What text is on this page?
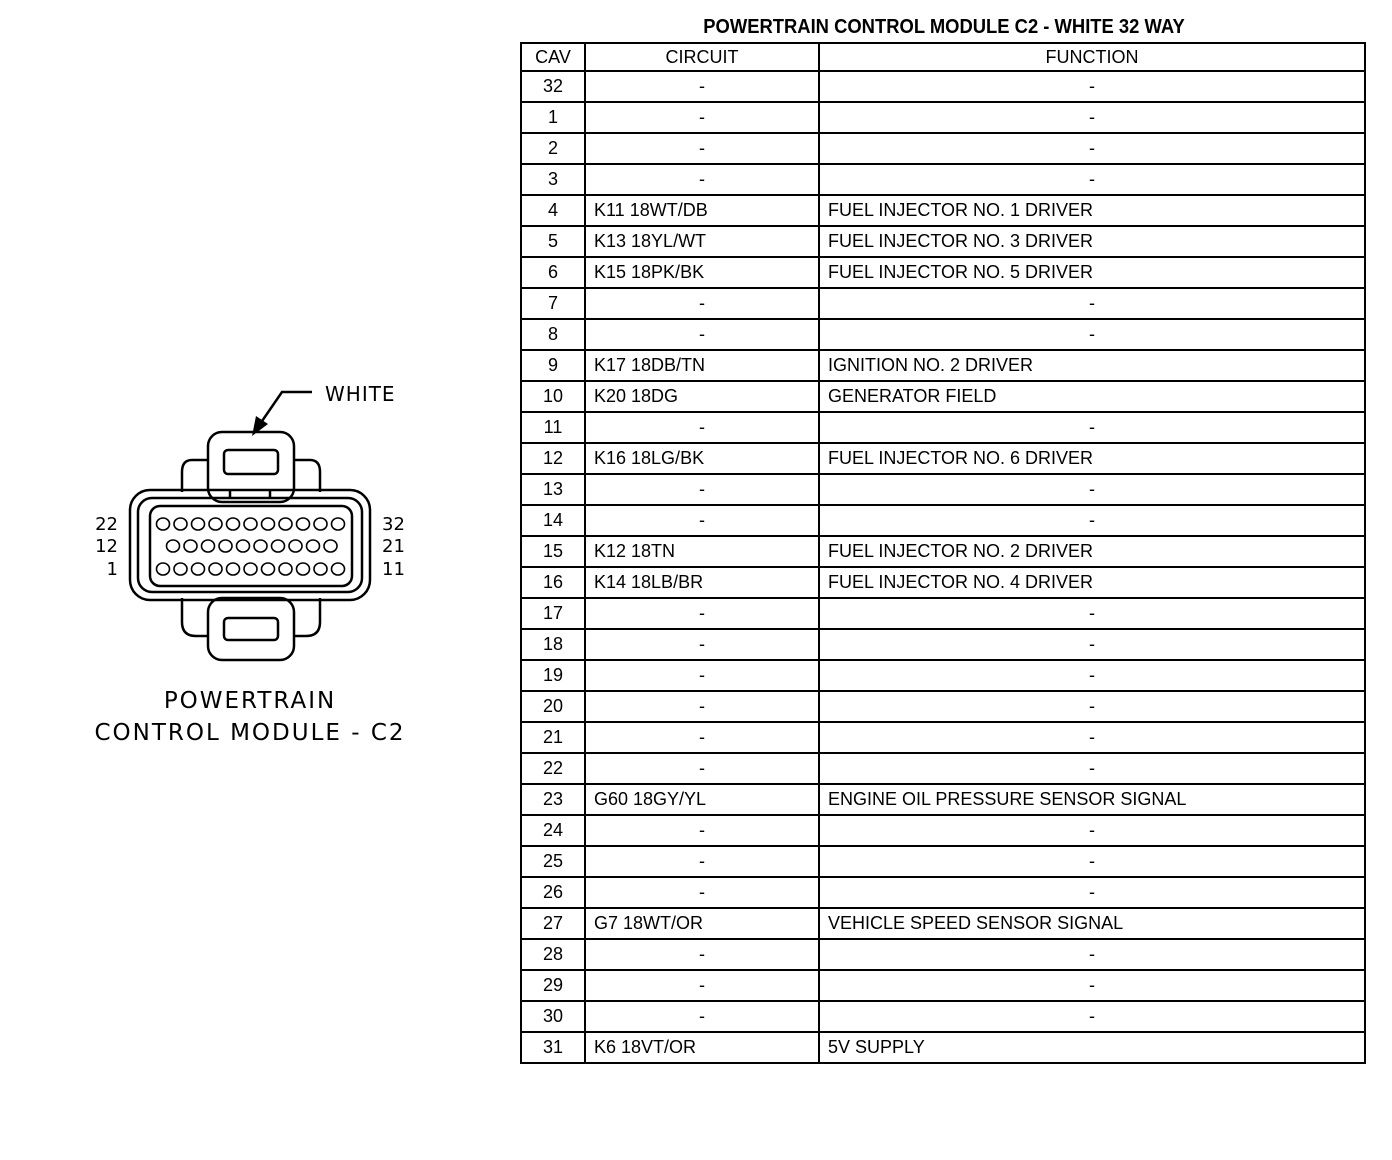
WHITE
22
12
1
32
21
11
POWERTRAIN
CONTROL MODULE - C2
POWERTRAIN CONTROL MODULE C2 - WHITE 32 WAY
CAV	CIRCUIT	FUNCTION
32	-	-
1	-	-
2	-	-
3	-	-
4	K11 18WT/DB	FUEL INJECTOR NO. 1 DRIVER
5	K13 18YL/WT	FUEL INJECTOR NO. 3 DRIVER
6	K15 18PK/BK	FUEL INJECTOR NO. 5 DRIVER
7	-	-
8	-	-
9	K17 18DB/TN	IGNITION NO. 2 DRIVER
10	K20 18DG	GENERATOR FIELD
11	-	-
12	K16 18LG/BK	FUEL INJECTOR NO. 6 DRIVER
13	-	-
14	-	-
15	K12 18TN	FUEL INJECTOR NO. 2 DRIVER
16	K14 18LB/BR	FUEL INJECTOR NO. 4 DRIVER
17	-	-
18	-	-
19	-	-
20	-	-
21	-	-
22	-	-
23	G60 18GY/YL	ENGINE OIL PRESSURE SENSOR SIGNAL
24	-	-
25	-	-
26	-	-
27	G7 18WT/OR	VEHICLE SPEED SENSOR SIGNAL
28	-	-
29	-	-
30	-	-
31	K6 18VT/OR	5V SUPPLY
